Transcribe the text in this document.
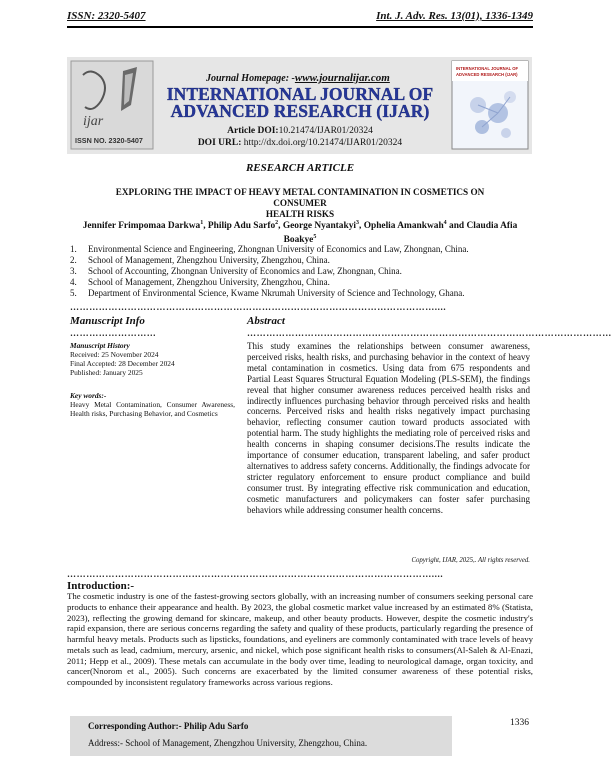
ISSN: 2320-5407	Int. J. Adv. Res. 13(01), 1336-1349
ijar
ISSN NO. 2320-5407
INTERNATIONAL JOURNAL OF
ADVANCED RESEARCH (IJAR)
Journal Homepage: -www.journalijar.com
INTERNATIONAL JOURNAL OF
ADVANCED RESEARCH (IJAR)
Article DOI:10.21474/IJAR01/20324
DOI URL: http://dx.doi.org/10.21474/IJAR01/20324
RESEARCH ARTICLE
EXPLORING THE IMPACT OF HEAVY METAL CONTAMINATION IN COSMETICS ON CONSUMER
HEALTH RISKS
Jennifer Frimpomaa Darkwa$^1$, Philip Adu Sarfo$^2$, George Nyantakyi$^3$, Ophelia Amankwah$^4$ and Claudia Afia Boakye$^5$
1. Environmental Science and Engineering, Zhongnan University of Economics and Law, Zhongnan, China.
2. School of Management, Zhengzhou University, Zhengzhou, China.
3. School of Accounting, Zhongnan University of Economics and Law, Zhongnan, China.
4. School of Management, Zhengzhou University, Zhengzhou, China.
5. Department of Environmental Science, Kwame Nkrumah University of Science and Technology, Ghana.
……………………………………………………………………………………………………....
Manuscript Info	Abstract
………………………	……………………………………………………………………………………………………
Manuscript History
Received: 25 November 2024
Final Accepted: 28 December 2024
Published: January 2025
Key words:-
Heavy Metal Contamination, Consumer Awareness, Health risks, Purchasing Behavior, and Cosmetics
This study examines the relationships between consumer awareness, perceived risks, health risks, and purchasing behavior in the context of heavy metal contamination in cosmetics. Using data from 675 respondents and Partial Least Squares Structural Equation Modeling (PLS-SEM), the findings reveal that higher consumer awareness reduces perceived health risks and indirectly influences purchasing behavior through perceived risks and health concerns. Perceived risks and health risks negatively impact purchasing behavior, reflecting consumer caution toward products associated with potential harm. The study highlights the mediating role of perceived risks and health concerns in shaping consumer decisions.The results indicate the importance of consumer education, transparent labeling, and safer product alternatives to address safety concerns. Additionally, the findings advocate for stricter regulatory enforcement to ensure product compliance and build consumer trust. By integrating effective risk communication and education, cosmetic manufacturers and policymakers can foster safer purchasing behaviors while addressing consumer health concerns.
Copyright, IJAR, 2025,. All rights reserved.
……………………………………………………………………………………………………....
Introduction:-
The cosmetic industry is one of the fastest-growing sectors globally, with an increasing number of consumers seeking personal care products to enhance their appearance and health. By 2023, the global cosmetic market value increased by an estimated 8% (Statista, 2023), reflecting the growing demand for skincare, makeup, and other beauty products. However, despite the cosmetic industry's rapid expansion, there are serious concerns regarding the safety and quality of these products, particularly regarding the presence of harmful heavy metals. Products such as lipsticks, foundations, and eyeliners are commonly contaminated with trace levels of heavy metals such as lead, cadmium, mercury, arsenic, and nickel, which pose significant health risks to consumers(Al-Saleh & Al-Enazi, 2011; Hepp et al., 2009). These metals can accumulate in the body over time, leading to neurological damage, organ toxicity, and cancer(Nnorom et al., 2005). Such concerns are exacerbated by the limited consumer awareness of these potential risks, compounded by inconsistent regulatory frameworks across various regions.
Corresponding Author:- Philip Adu Sarfo
Address:- School of Management, Zhengzhou University, Zhengzhou, China.
1336
